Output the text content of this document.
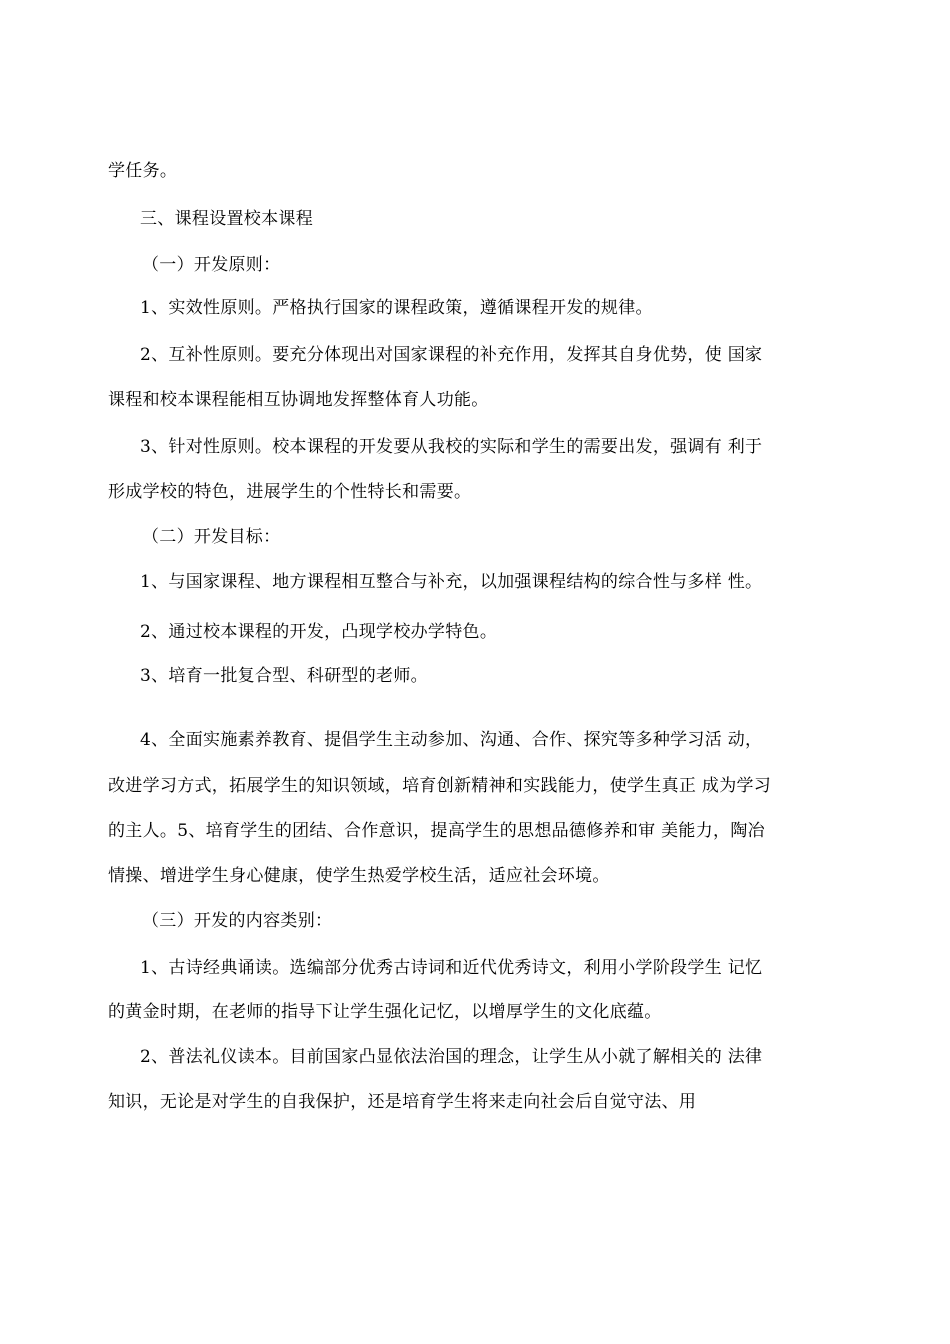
学任务。
三、课程设置校本课程
（一）开发原则：
1、实效性原则。严格执行国家的课程政策，遵循课程开发的规律。
2、互补性原则。要充分体现出对国家课程的补充作用，发挥其自身优势，使 国家
课程和校本课程能相互协调地发挥整体育人功能。
3、针对性原则。校本课程的开发要从我校的实际和学生的需要出发，强调有 利于
形成学校的特色，进展学生的个性特长和需要。
（二）开发目标：
1、与国家课程、地方课程相互整合与补充，以加强课程结构的综合性与多样 性。
2、通过校本课程的开发，凸现学校办学特色。
3、培育一批复合型、科研型的老师。
4、全面实施素养教育、提倡学生主动参加、沟通、合作、探究等多种学习活 动，
改进学习方式，拓展学生的知识领域，培育创新精神和实践能力，使学生真正 成为学习
的主人。5、培育学生的团结、合作意识，提高学生的思想品德修养和审 美能力，陶冶
情操、增进学生身心健康，使学生热爱学校生活，适应社会环境。
（三）开发的内容类别：
1、古诗经典诵读。选编部分优秀古诗词和近代优秀诗文，利用小学阶段学生 记忆
的黄金时期，在老师的指导下让学生强化记忆，以增厚学生的文化底蕴。
2、普法礼仪读本。目前国家凸显依法治国的理念，让学生从小就了解相关的 法律
知识，无论是对学生的自我保护，还是培育学生将来走向社会后自觉守法、用
